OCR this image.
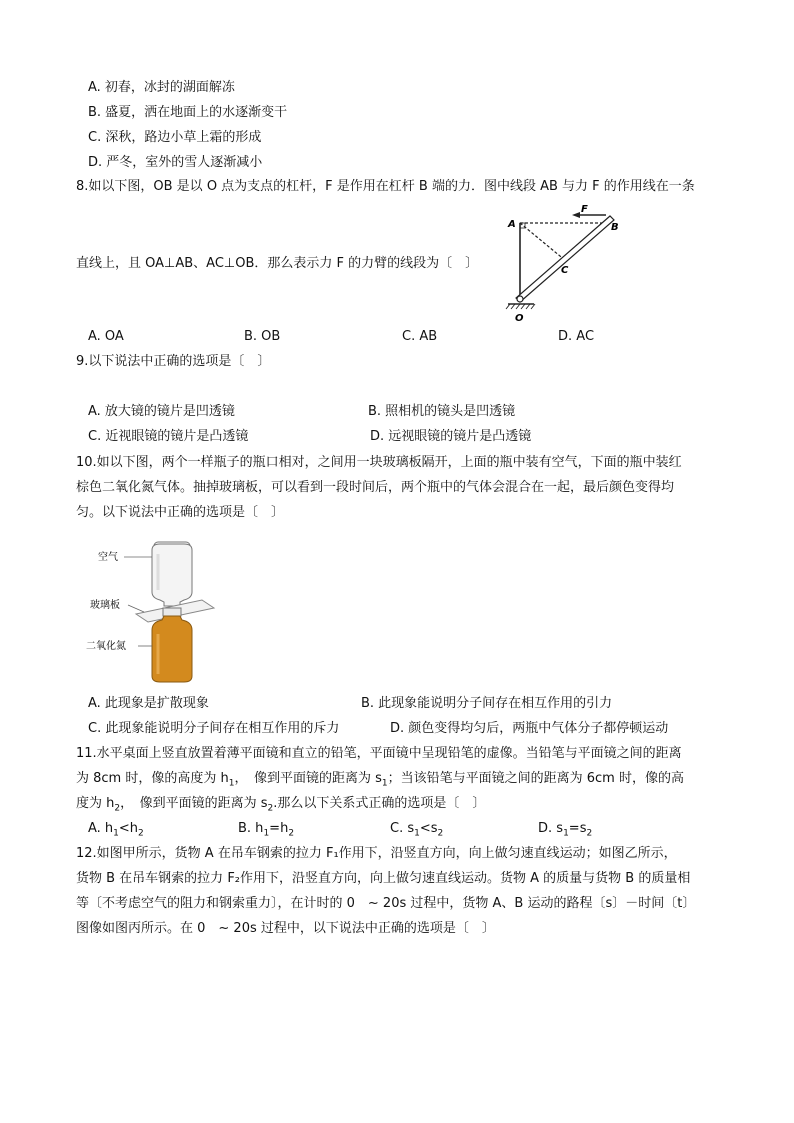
A. 初春，冰封的湖面解冻
B. 盛夏，洒在地面上的水逐渐变干
C. 深秋，路边小草上霜的形成
D. 严冬，室外的雪人逐渐减小
8.如以下图，OB 是以 O 点为支点的杠杆，F 是作用在杠杆 B 端的力．图中线段 AB 与力 F 的作用线在一条
直线上，且 OA⊥AB、AC⊥OB．那么表示力 F 的力臂的线段为〔　〕
A	B
C
O
F
A. OA	B. OB	C. AB	D. AC
9.以下说法中正确的选项是〔　〕
A. 放大镜的镜片是凹透镜	B. 照相机的镜头是凹透镜
C. 近视眼镜的镜片是凸透镜	D. 远视眼镜的镜片是凸透镜
10.如以下图，两个一样瓶子的瓶口相对，之间用一块玻璃板隔开，上面的瓶中装有空气，下面的瓶中装红
棕色二氧化氮气体。抽掉玻璃板，可以看到一段时间后，两个瓶中的气体会混合在一起，最后颜色变得均
匀。以下说法中正确的选项是〔　〕
空气
玻璃板
二氧化氮
A. 此现象是扩散现象	B. 此现象能说明分子间存在相互作用的引力
C. 此现象能说明分子间存在相互作用的斥力	D. 颜色变得均匀后，两瓶中气体分子都停顿运动
11.水平桌面上竖直放置着薄平面镜和直立的铅笔，平面镜中呈现铅笔的虚像。当铅笔与平面镜之间的距离
为 8cm 时，像的高度为 $h_1$，　像到平面镜的距离为 $s_1$；当该铅笔与平面镜之间的距离为 6cm 时，像的高
度为 $h_2$，　像到平面镜的距离为 $s_2$.那么以下关系式正确的选项是〔　〕
A. $h_1<h_2$	B. $h_1=h_2$	C. $s_1<s_2$	D. $s_1=s_2$
12.如图甲所示，货物 A 在吊车钢索的拉力 F₁作用下，沿竖直方向，向上做匀速直线运动；如图乙所示，
货物 B 在吊车钢索的拉力 F₂作用下，沿竖直方向，向上做匀速直线运动。货物 A 的质量与货物 B 的质量相
等〔不考虑空气的阻力和钢索重力〕，在计时的 0　~ 20s 过程中，货物 A、B 运动的路程〔s〕－时间〔t〕
图像如图丙所示。在 0　~ 20s 过程中，以下说法中正确的选项是〔　〕
